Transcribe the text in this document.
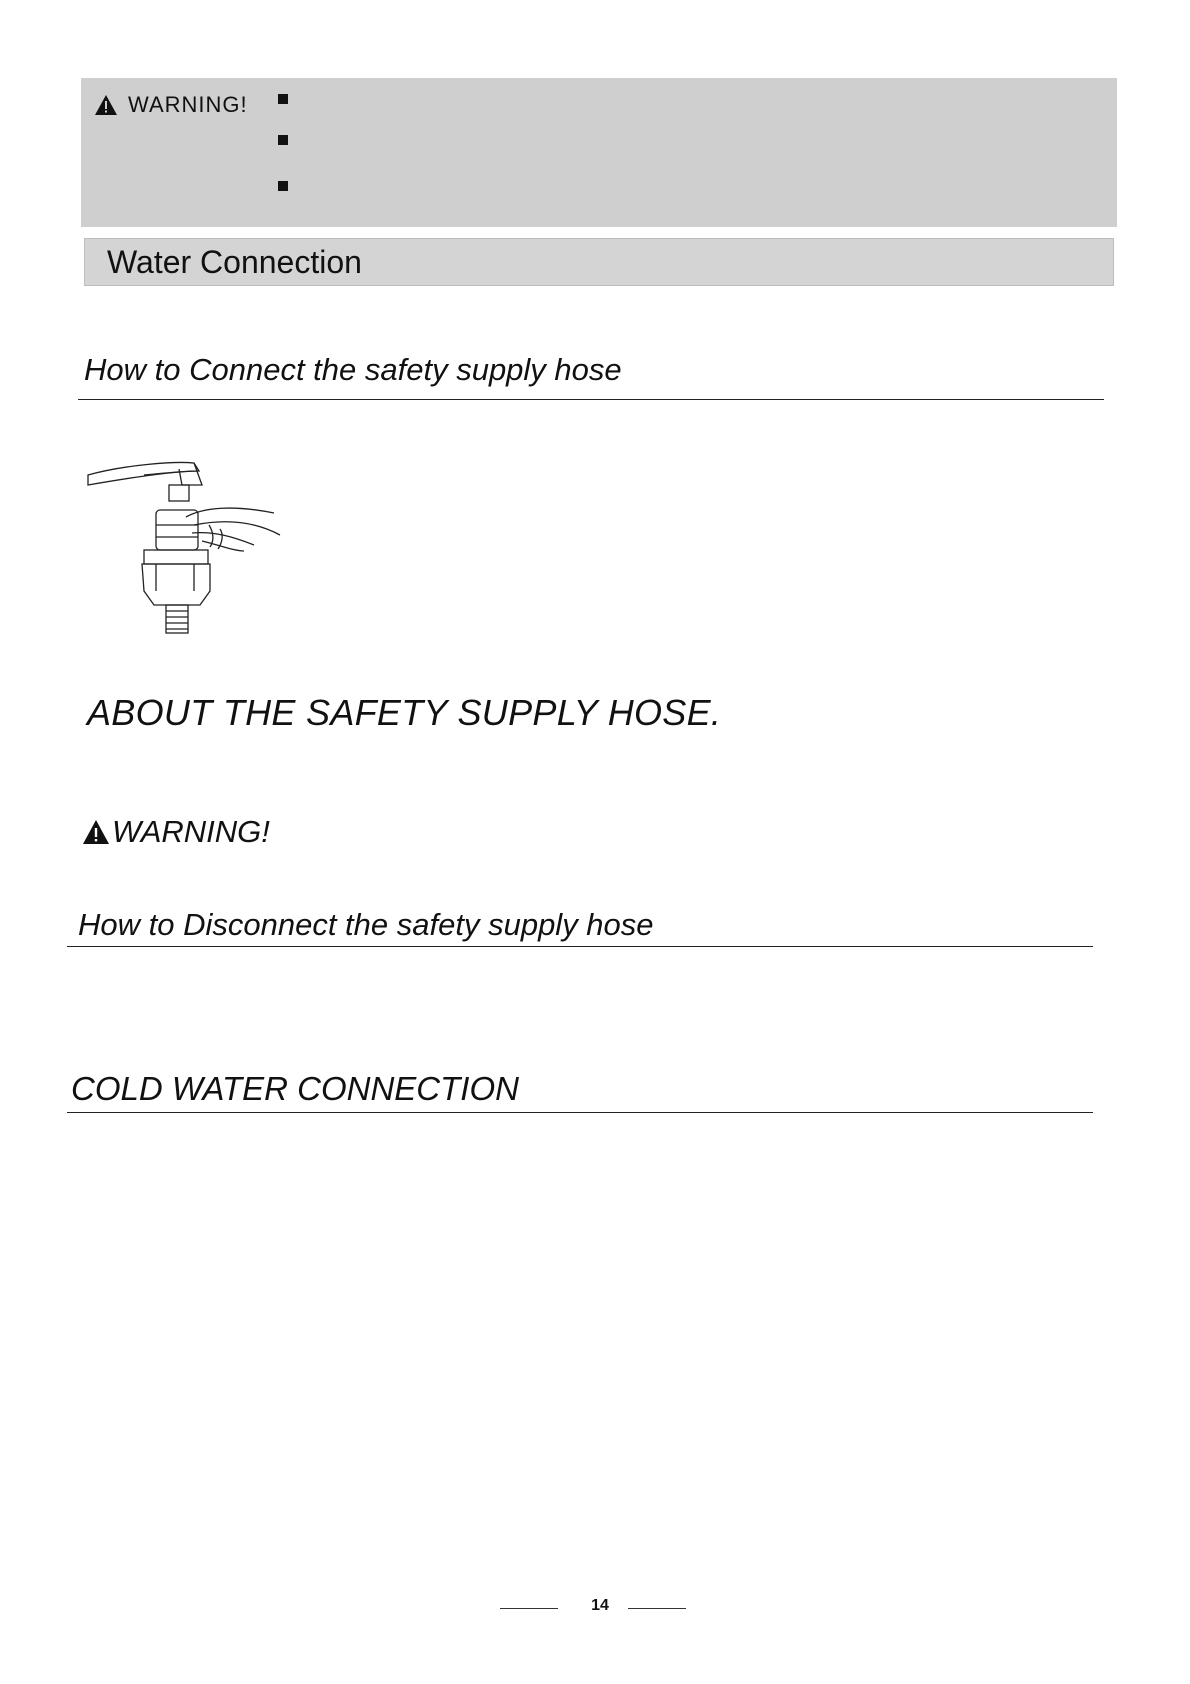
WARNING!
Water Connection
How to Connect the safety supply hose
ABOUT THE SAFETY SUPPLY HOSE.
WARNING!
How to Disconnect the safety supply hose
COLD WATER CONNECTION
14
